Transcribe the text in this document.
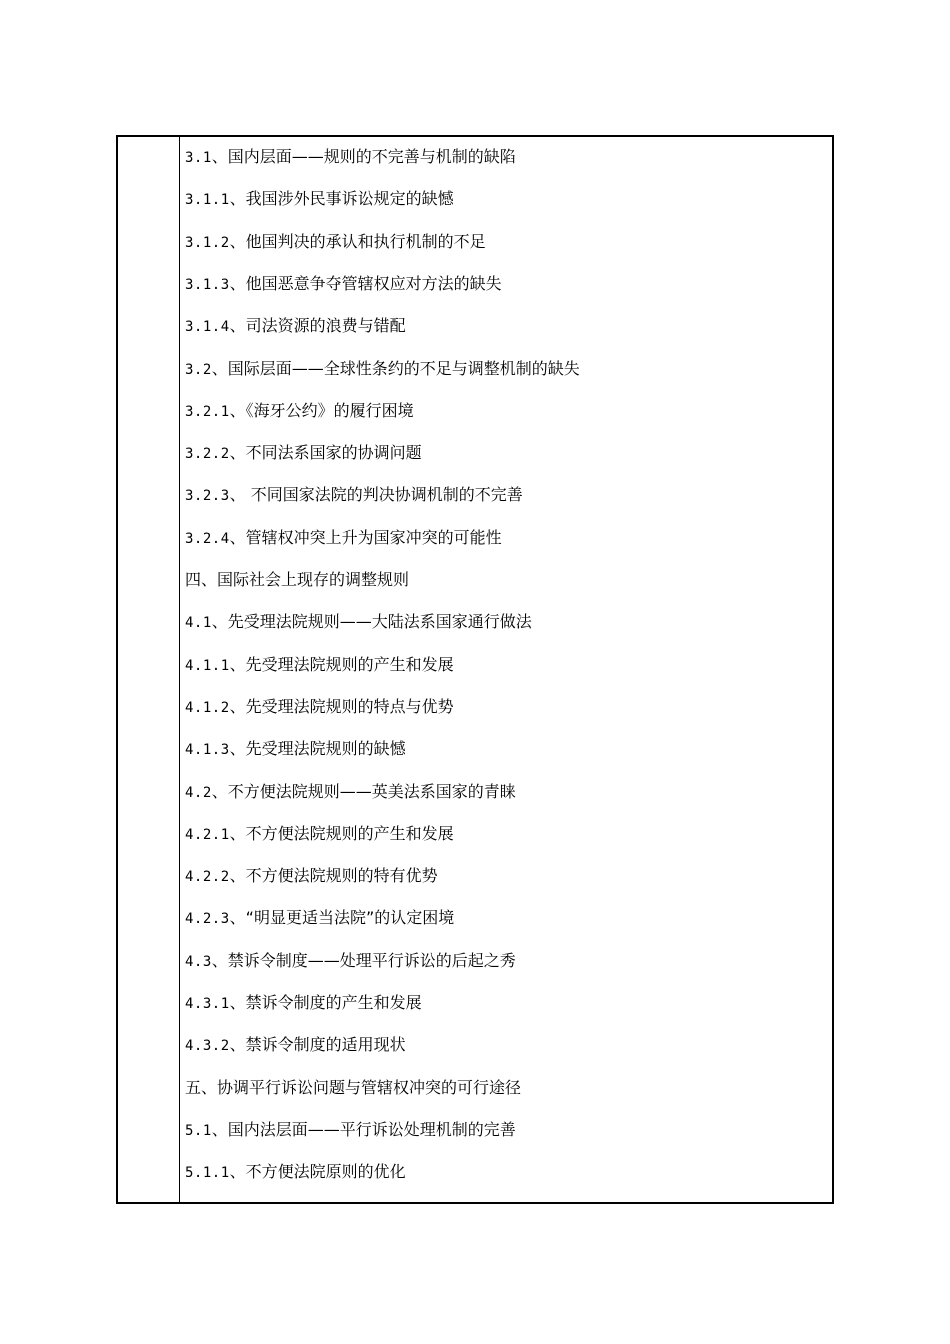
3.1、国内层面——规则的不完善与机制的缺陷
3.1.1、我国涉外民事诉讼规定的缺憾
3.1.2、他国判决的承认和执行机制的不足
3.1.3、他国恶意争夺管辖权应对方法的缺失
3.1.4、司法资源的浪费与错配
3.2、国际层面——全球性条约的不足与调整机制的缺失
3.2.1、《海牙公约》的履行困境
3.2.2、不同法系国家的协调问题
3.2.3、 不同国家法院的判决协调机制的不完善
3.2.4、管辖权冲突上升为国家冲突的可能性
四、国际社会上现存的调整规则
4.1、先受理法院规则——大陆法系国家通行做法
4.1.1、先受理法院规则的产生和发展
4.1.2、先受理法院规则的特点与优势
4.1.3、先受理法院规则的缺憾
4.2、不方便法院规则——英美法系国家的青睐
4.2.1、不方便法院规则的产生和发展
4.2.2、不方便法院规则的特有优势
4.2.3、“明显更适当法院”的认定困境
4.3、禁诉令制度——处理平行诉讼的后起之秀
4.3.1、禁诉令制度的产生和发展
4.3.2、禁诉令制度的适用现状
五、协调平行诉讼问题与管辖权冲突的可行途径
5.1、国内法层面——平行诉讼处理机制的完善
5.1.1、不方便法院原则的优化
